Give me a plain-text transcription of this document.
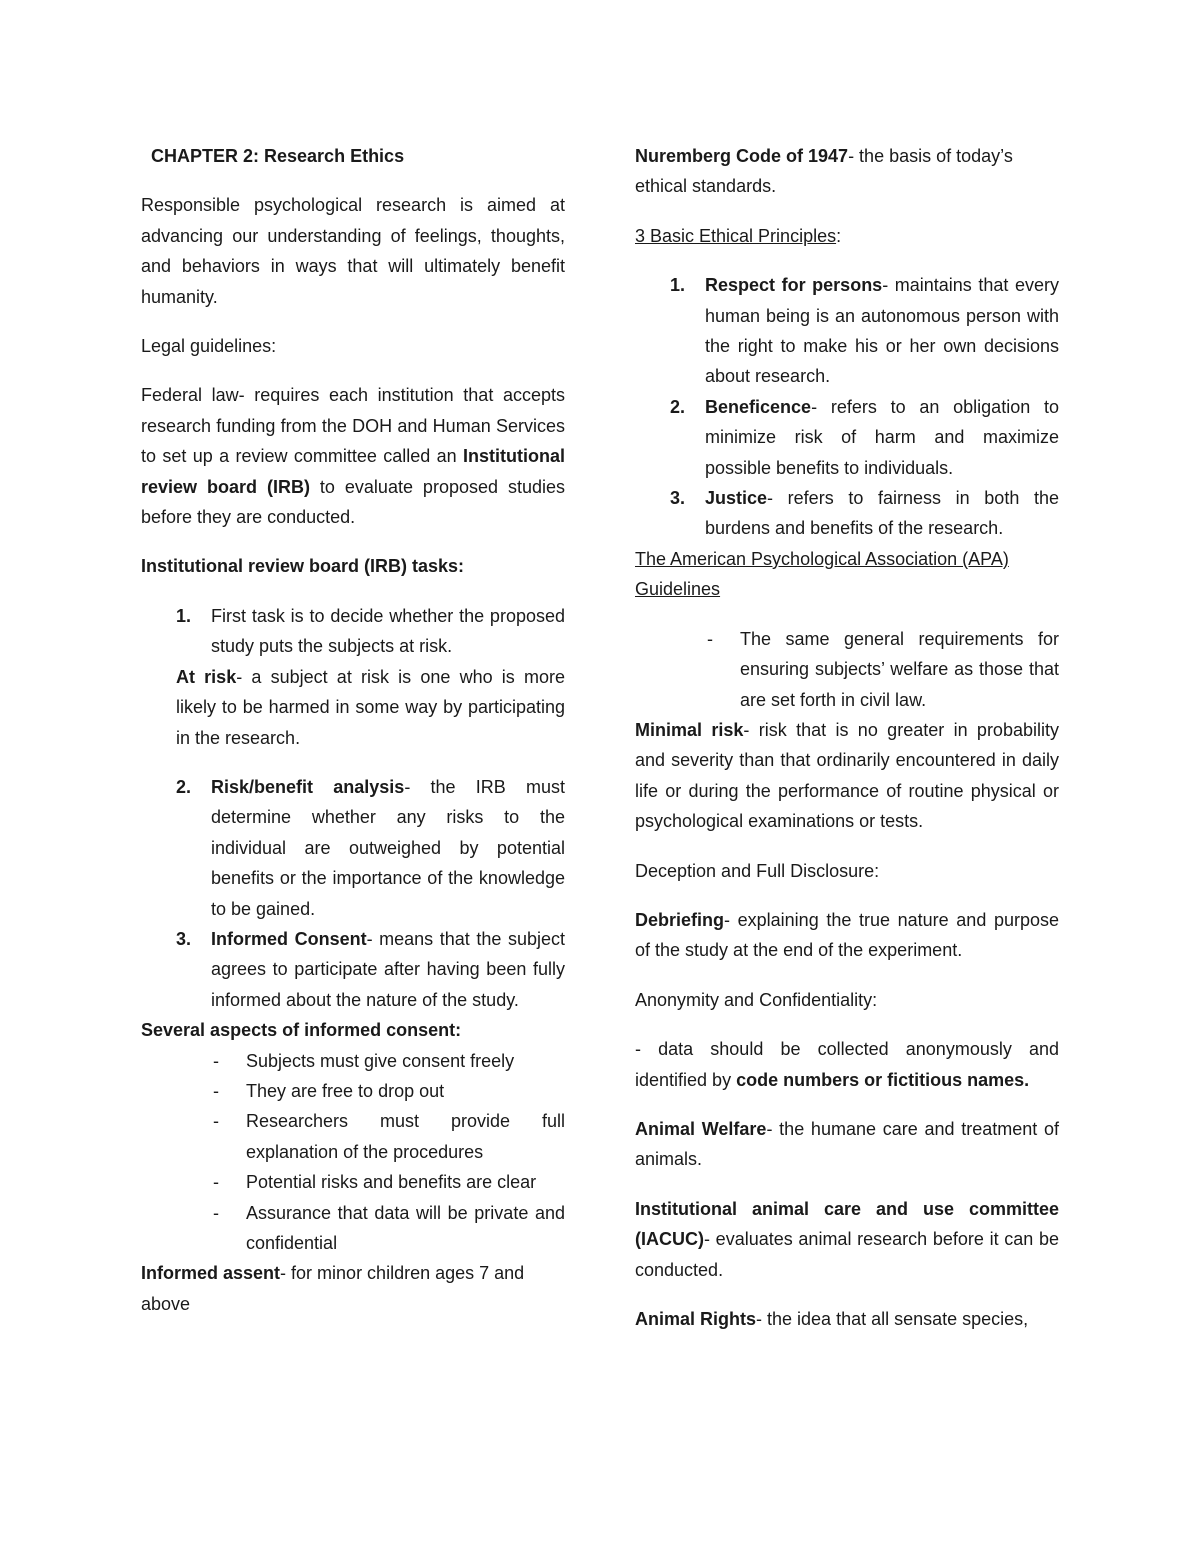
CHAPTER 2: Research Ethics

Responsible psychological research is aimed at advancing our understanding of feelings, thoughts, and behaviors in ways that will ultimately benefit humanity.

Legal guidelines:

Federal law- requires each institution that accepts research funding from the DOH and Human Services to set up a review committee called an Institutional review board (IRB) to evaluate proposed studies before they are conducted.

Institutional review board (IRB) tasks:

1. First task is to decide whether the proposed study puts the subjects at risk.

At risk- a subject at risk is one who is more likely to be harmed in some way by participating in the research.

2. Risk/benefit analysis- the IRB must determine whether any risks to the individual are outweighed by potential benefits or the importance of the knowledge to be gained.
3. Informed Consent- means that the subject agrees to participate after having been fully informed about the nature of the study.

Several aspects of informed consent:

- Subjects must give consent freely
- They are free to drop out
- Researchers must provide full explanation of the procedures
- Potential risks and benefits are clear
- Assurance that data will be private and confidential

Informed assent- for minor children ages 7 and above

Nuremberg Code of 1947- the basis of today’s ethical standards.

3 Basic Ethical Principles:

1. Respect for persons- maintains that every human being is an autonomous person with the right to make his or her own decisions about research.
2. Beneficence- refers to an obligation to minimize risk of harm and maximize possible benefits to individuals.
3. Justice- refers to fairness in both the burdens and benefits of the research.

The American Psychological Association (APA) Guidelines

- The same general requirements for ensuring subjects’ welfare as those that are set forth in civil law.

Minimal risk- risk that is no greater in probability and severity than that ordinarily encountered in daily life or during the performance of routine physical or psychological examinations or tests.

Deception and Full Disclosure:

Debriefing- explaining the true nature and purpose of the study at the end of the experiment.

Anonymity and Confidentiality:

- data should be collected anonymously and identified by code numbers or fictitious names.

Animal Welfare- the humane care and treatment of animals.

Institutional animal care and use committee (IACUC)- evaluates animal research before it can be conducted.

Animal Rights- the idea that all sensate species,
